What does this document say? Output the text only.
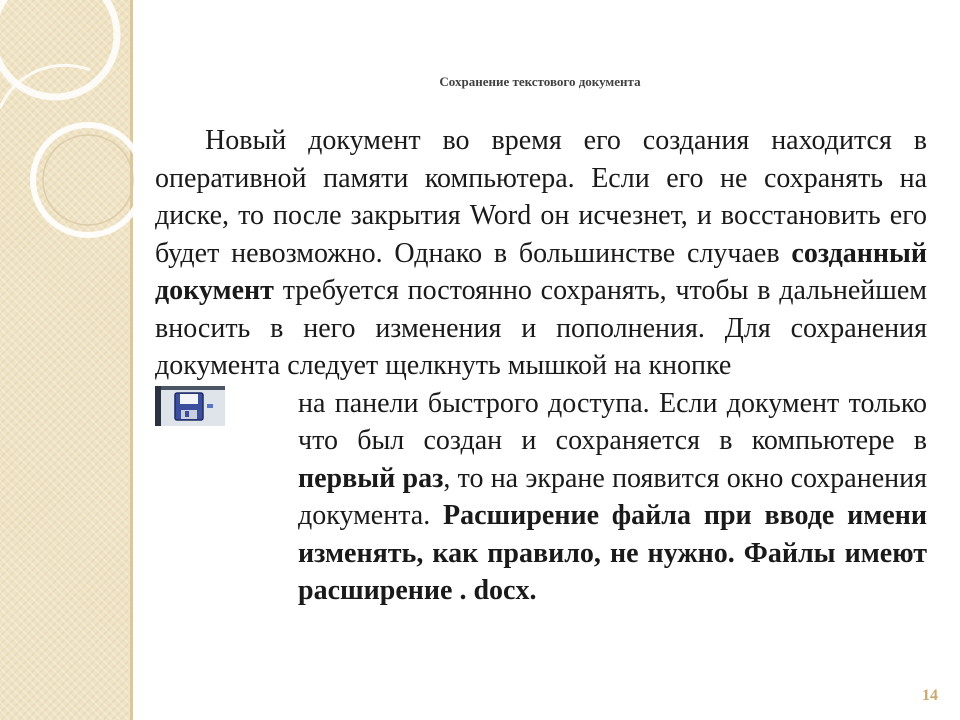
Сохранение текстового документа

Новый документ во время его создания находится в оперативной памяти компьютера. Если его не сохранять на диске, то после закрытия Word он исчезнет, и восстановить его будет невозможно. Однако в большинстве случаев созданный документ требуется постоянно сохранять, чтобы в дальнейшем вносить в него изменения и пополнения. Для сохранения документа следует щелкнуть мышкой на кнопке

на панели быстрого доступа. Если документ только что был создан и сохраняется в компьютере в первый раз, то на экране появится окно сохранения документа. Расширение файла при вводе имени изменять, как правило, не нужно. Файлы имеют расширение . docx.

14
